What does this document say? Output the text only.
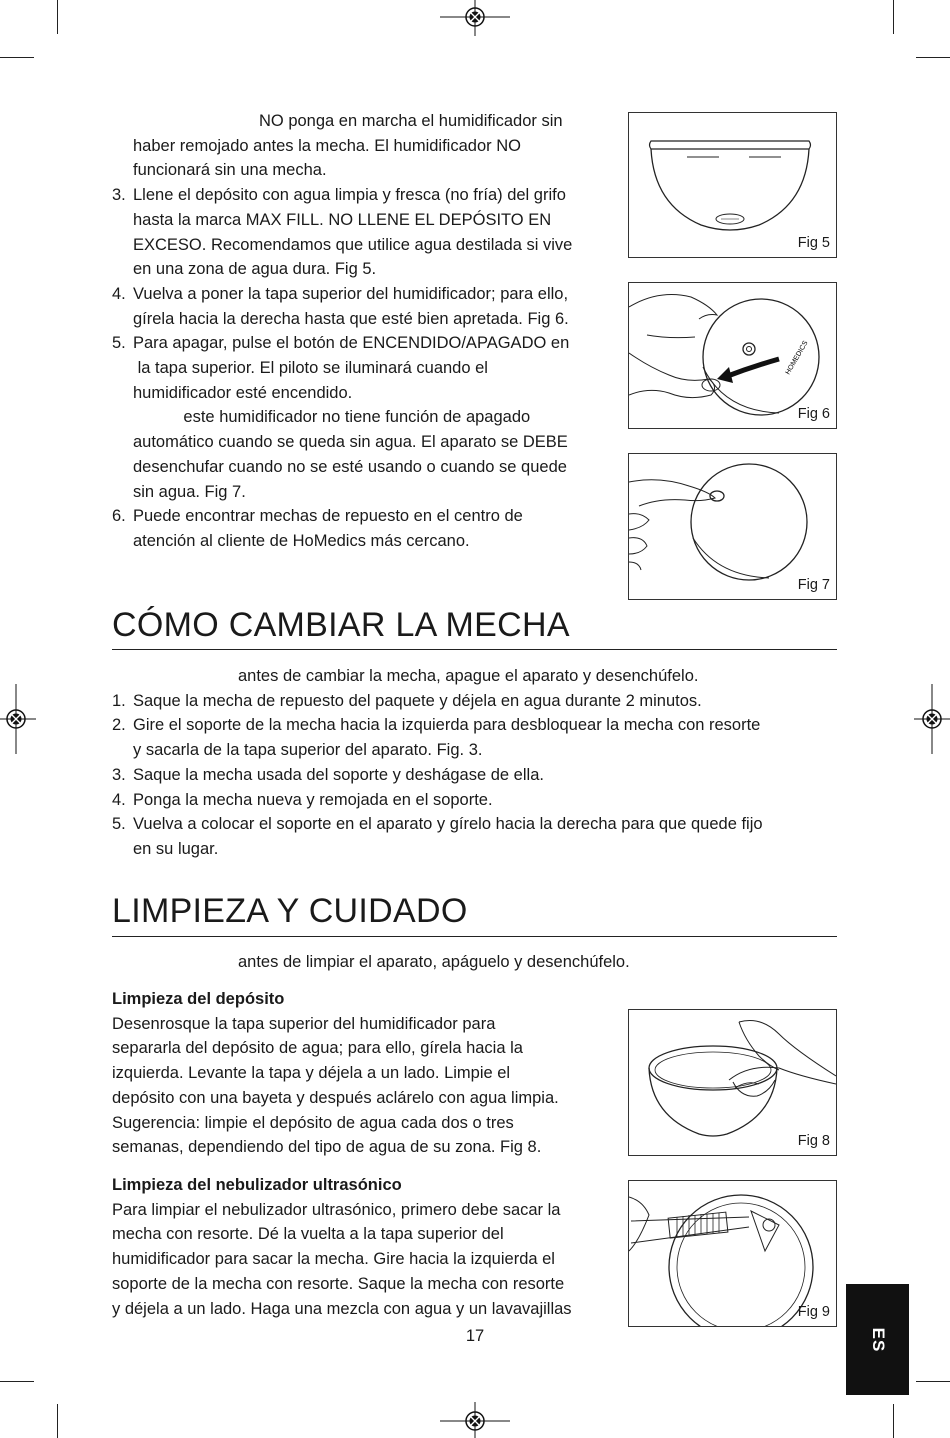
NO ponga en marcha el humidificador sin
haber remojado antes la mecha. El humidificador NO
funcionará sin una mecha.
3. Llene el depósito con agua limpia y fresca (no fría) del grifo
hasta la marca MAX FILL. NO LLENE EL DEPÓSITO EN
EXCESO. Recomendamos que utilice agua destilada si vive
en una zona de agua dura. Fig 5.
4. Vuelva a poner la tapa superior del humidificador; para ello,
gírela hacia la derecha hasta que esté bien apretada. Fig 6.
5. Para apagar, pulse el botón de ENCENDIDO/APAGADO en
la tapa superior. El piloto se iluminará cuando el
humidificador esté encendido.
este humidificador no tiene función de apagado
automático cuando se queda sin agua. El aparato se DEBE
desenchufar cuando no se esté usando o cuando se quede
sin agua. Fig 7.
6. Puede encontrar mechas de repuesto en el centro de
atención al cliente de HoMedics más cercano.
Fig 5
HOMEDICS
Fig 6
Fig 7
CÓMO CAMBIAR LA MECHA
antes de cambiar la mecha, apague el aparato y desenchúfelo.
1. Saque la mecha de repuesto del paquete y déjela en agua durante 2 minutos.
2. Gire el soporte de la mecha hacia la izquierda para desbloquear la mecha con resorte
y sacarla de la tapa superior del aparato. Fig. 3.
3. Saque la mecha usada del soporte y deshágase de ella.
4. Ponga la mecha nueva y remojada en el soporte.
5. Vuelva a colocar el soporte en el aparato y gírelo hacia la derecha para que quede fijo
en su lugar.
LIMPIEZA Y CUIDADO
antes de limpiar el aparato, apáguelo y desenchúfelo.
Limpieza del depósito
Desenrosque la tapa superior del humidificador para
separarla del depósito de agua; para ello, gírela hacia la
izquierda. Levante la tapa y déjela a un lado. Limpie el
depósito con una bayeta y después aclárelo con agua limpia.
Sugerencia: limpie el depósito de agua cada dos o tres
semanas, dependiendo del tipo de agua de su zona. Fig 8.
Limpieza del nebulizador ultrasónico
Para limpiar el nebulizador ultrasónico, primero debe sacar la
mecha con resorte. Dé la vuelta a la tapa superior del
humidificador para sacar la mecha. Gire hacia la izquierda el
soporte de la mecha con resorte. Saque la mecha con resorte
y déjela a un lado. Haga una mezcla con agua y un lavavajillas
Fig 8
Fig 9
17	ES
